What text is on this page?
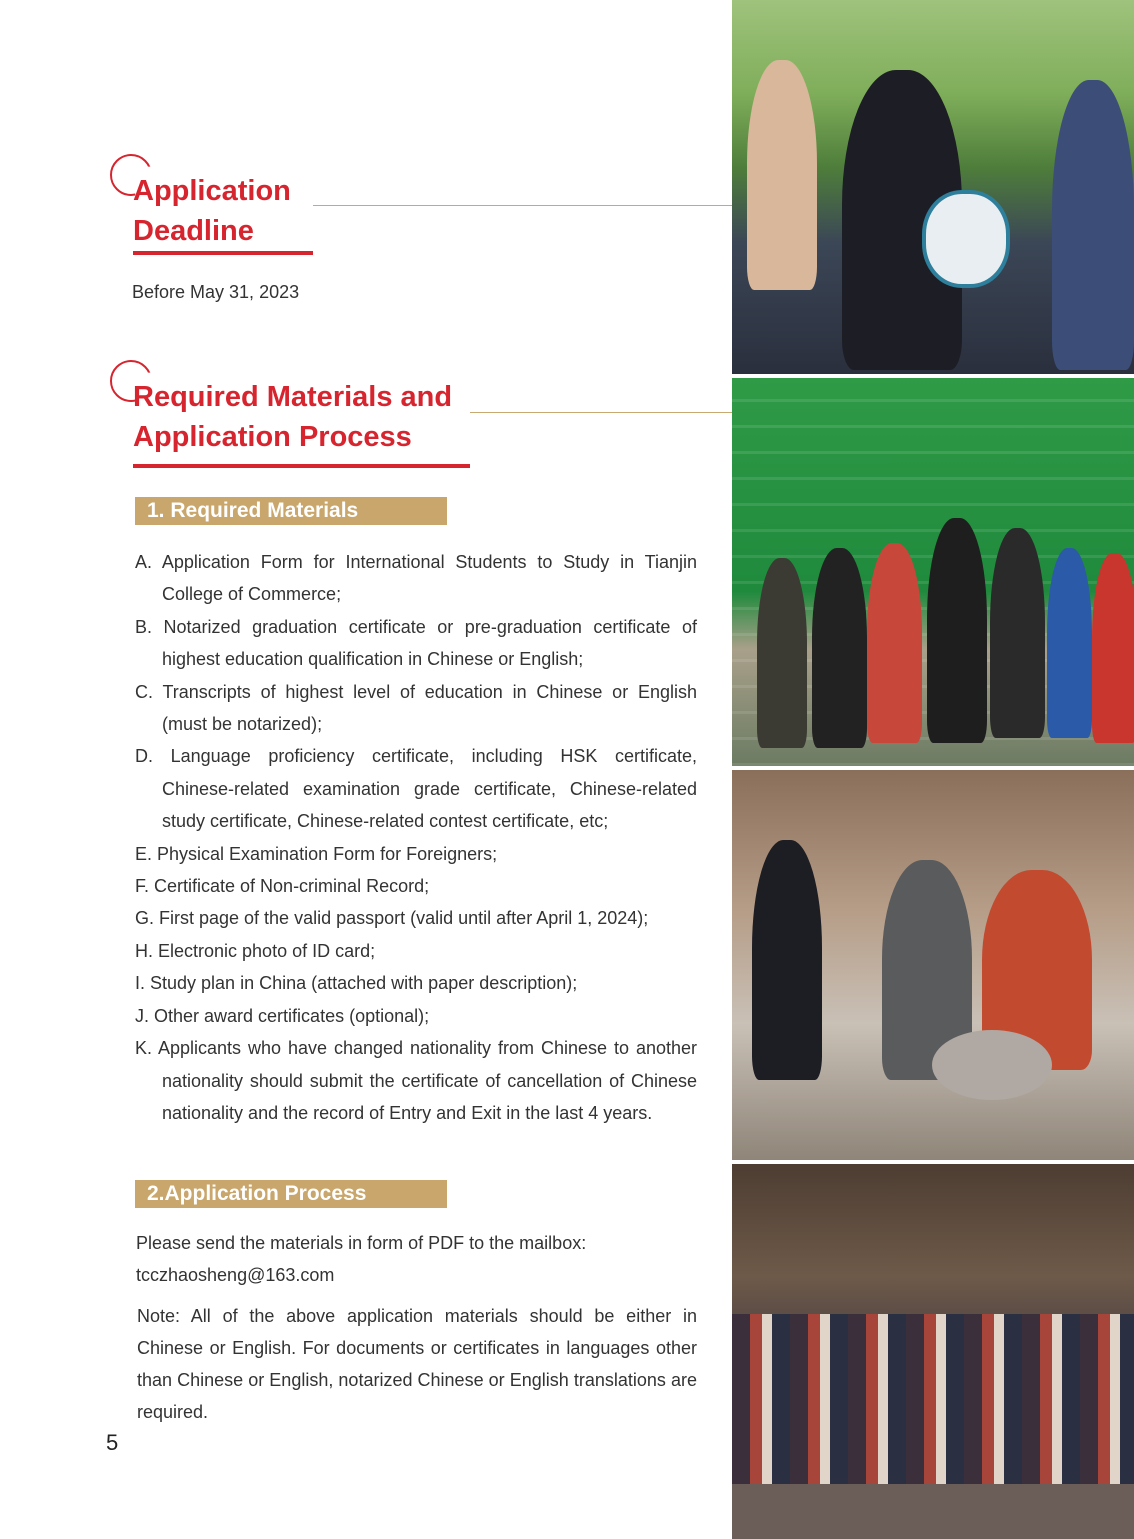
Application
Deadline
Before May 31, 2023
Required Materials and
Application Process
1. Required Materials
A. Application Form for International Students to Study in Tianjin College of Commerce;
B. Notarized graduation certificate or pre-graduation certificate of highest education qualification in Chinese or English;
C. Transcripts of highest level of education in Chinese or English (must be notarized);
D. Language proficiency certificate, including HSK certificate, Chinese-related examination grade certificate, Chinese-related study certificate, Chinese-related contest certificate, etc;
E. Physical Examination Form for Foreigners;
F. Certificate of Non-criminal Record;
G. First page of the valid passport (valid until after April 1, 2024);
H. Electronic photo of ID card;
I. Study plan in China (attached with paper description);
J. Other award certificates (optional);
K. Applicants who have changed nationality from Chinese to another nationality should submit the certificate of cancellation of Chinese nationality and the record of Entry and Exit in the last 4 years.
2.Application Process
Please send the materials in form of PDF to the mailbox:
tcczhaosheng@163.com
Note: All of the above application materials should be either in Chinese or English. For documents or certificates in languages other than Chinese or English, notarized Chinese or English translations are required.
5
